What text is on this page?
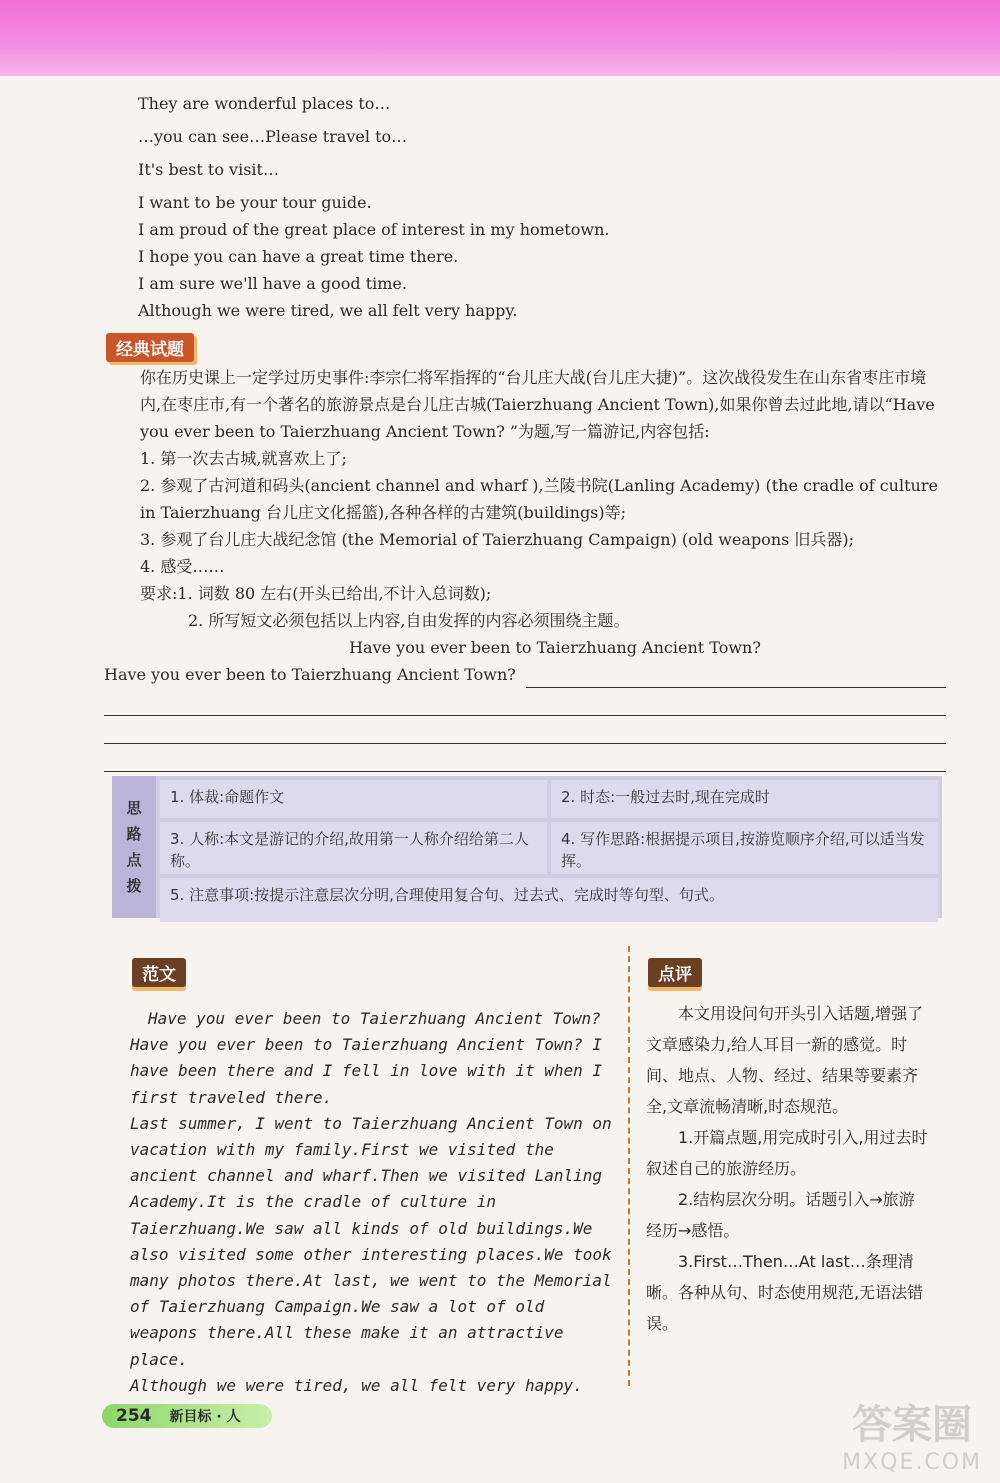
They are wonderful places to…
…you can see…Please travel to…
It's best to visit…
I want to be your tour guide.
I am proud of the great place of interest in my hometown.
I hope you can have a great time there.
I am sure we'll have a good time.
Although we were tired, we all felt very happy.
经典试题

你在历史课上一定学过历史事件:李宗仁将军指挥的“台儿庄大战(台儿庄大捷)”。这次战役发生在山东省枣庄市境内,在枣庄市,有一个著名的旅游景点是台儿庄古城(Taierzhuang Ancient Town),如果你曾去过此地,请以“Have you ever been to Taierzhuang Ancient Town? ”为题,写一篇游记,内容包括:

1. 第一次去古城,就喜欢上了;

2. 参观了古河道和码头(ancient channel and wharf ),兰陵书院(Lanling Academy) (the cradle of culture in Taierzhuang 台儿庄文化摇篮),各种各样的古建筑(buildings)等;

3. 参观了台儿庄大战纪念馆 (the Memorial of Taierzhuang Campaign) (old weapons 旧兵器);

4. 感受……

要求:1. 词数 80 左右(开头已给出,不计入总词数);

2. 所写短文必须包括以上内容,自由发挥的内容必须围绕主题。

Have you ever been to Taierzhuang Ancient Town?

Have you ever been to Taierzhuang Ancient Town?
思
路
点
拨
1. 体裁:命题作文	2. 时态:一般过去时,现在完成时
3. 人称:本文是游记的介绍,故用第一人称介绍给第二人称。
4. 写作思路:根据提示项目,按游览顺序介绍,可以适当发挥。
5. 注意事项:按提示注意层次分明,合理使用复合句、过去式、完成时等句型、句式。
范文

Have you ever been to Taierzhuang Ancient Town?

Have you ever been to Taierzhuang Ancient Town? I have been there and I fell in love with it when I first traveled there.

Last summer, I went to Taierzhuang Ancient Town on vacation with my family.First we visited the ancient channel and wharf.Then we visited Lanling Academy.It is the cradle of culture in Taierzhuang.We saw all kinds of old buildings.We also visited some other interesting places.We took many photos there.At last, we went to the Memorial of Taierzhuang Campaign.We saw a lot of old weapons there.All these make it an attractive place.

Although we were tired, we all felt very happy.

点评

本文用设问句开头引入话题,增强了文章感染力,给人耳目一新的感觉。时间、地点、人物、经过、结果等要素齐全,文章流畅清晰,时态规范。

1.开篇点题,用完成时引入,用过去时叙述自己的旅游经历。

2.结构层次分明。话题引入→旅游经历→感悟。

3.First…Then…At last…条理清晰。各种从句、时态使用规范,无语法错误。

254 新目标 · 人	答案圈
MXQE.COM
